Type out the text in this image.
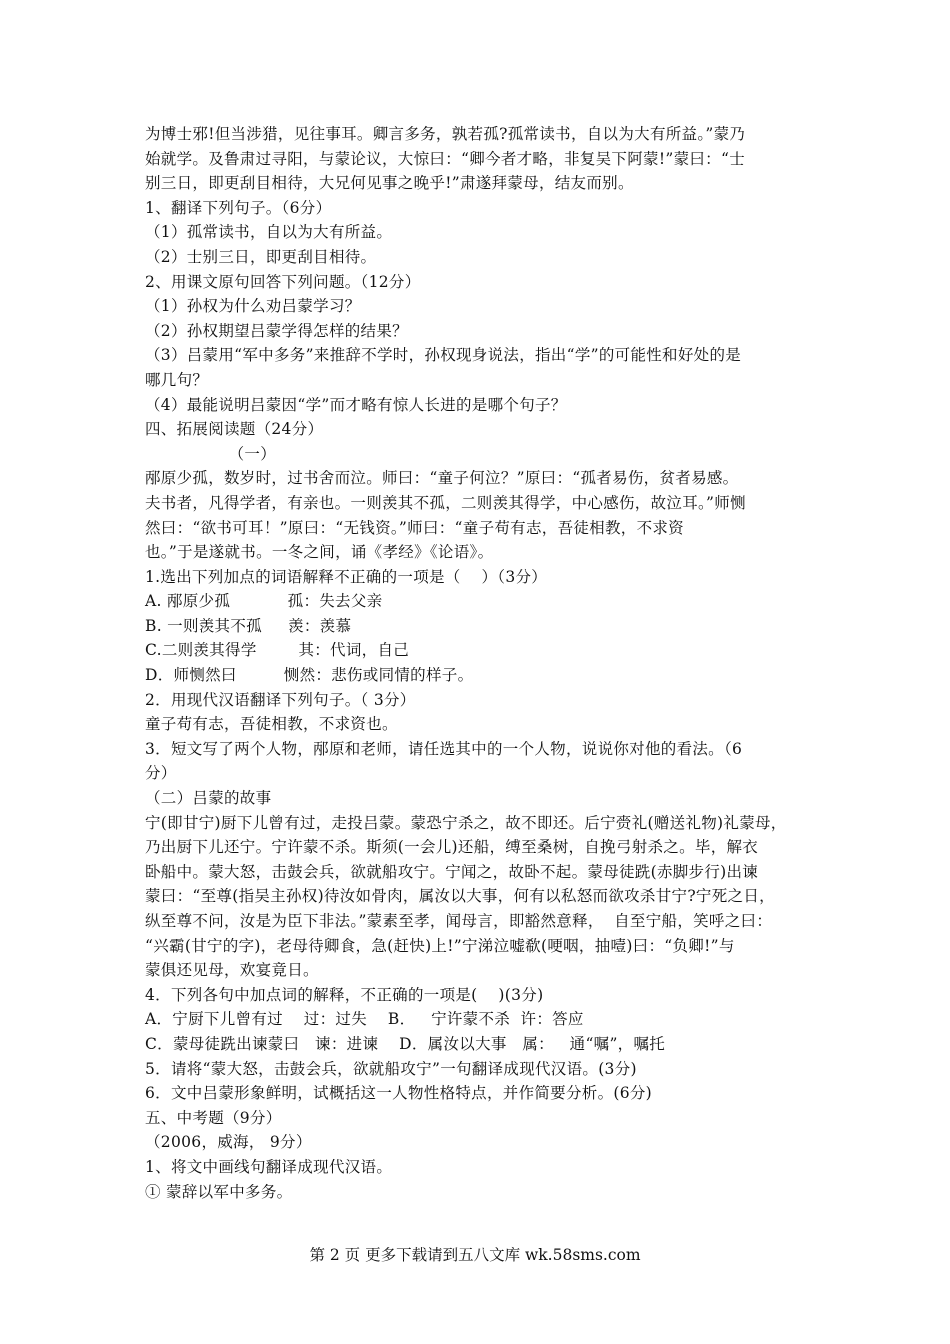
为博士邪!但当涉猎，见往事耳。卿言多务，孰若孤?孤常读书，自以为大有所益。”蒙乃
始就学。及鲁肃过寻阳，与蒙论议，大惊曰：“卿今者才略，非复吴下阿蒙!”蒙曰：“士
别三日，即更刮目相待，大兄何见事之晚乎!”肃遂拜蒙母，结友而别。
1、翻译下列句子。（6分）
（1）孤常读书，自以为大有所益。
（2）士别三日，即更刮目相待。
2、用课文原句回答下列问题。（12分）
（1）孙权为什么劝吕蒙学习？
（2）孙权期望吕蒙学得怎样的结果？
（3）吕蒙用“军中多务”来推辞不学时，孙权现身说法，指出“学”的可能性和好处的是
哪几句？
（4）最能说明吕蒙因“学”而才略有惊人长进的是哪个句子？
四、拓展阅读题（24分）
（一）
邴原少孤，数岁时，过书舍而泣。师曰：“童子何泣？”原曰：“孤者易伤，贫者易感。
夫书者，凡得学者，有亲也。一则羡其不孤，二则羡其得学，中心感伤，故泣耳。”师恻
然曰：“欲书可耳！”原曰：“无钱资。”师曰：“童子苟有志，吾徒相教，不求资
也。”于是遂就书。一冬之间，诵《孝经》《论语》。
1.选出下列加点的词语解释不正确的一项是（    ）（3分）
A. 邴原少孤           孤：失去父亲
B. 一则羡其不孤     羡：羡慕
C.二则羡其得学        其：代词，自己
D．师恻然曰         恻然：悲伤或同情的样子。
2．用现代汉语翻译下列句子。（ 3分）
童子苟有志，吾徒相教，不求资也。
3．短文写了两个人物，邴原和老师，请任选其中的一个人物，说说你对他的看法。（6
分）
（二）吕蒙的故事
宁(即甘宁)厨下儿曾有过，走投吕蒙。蒙恐宁杀之，故不即还。后宁赍礼(赠送礼物)礼蒙母，
乃出厨下儿还宁。宁许蒙不杀。斯须(一会儿)还船，缚至桑树，自挽弓射杀之。毕，解衣
卧船中。蒙大怒，击鼓会兵，欲就船攻宁。宁闻之，故卧不起。蒙母徒跣(赤脚步行)出谏
蒙曰：“至尊(指吴主孙权)待汝如骨肉，属汝以大事，何有以私怒而欲攻杀甘宁?宁死之日，
纵至尊不问，汝是为臣下非法。”蒙素至孝，闻母言，即豁然意释，  自至宁船，笑呼之曰：
“兴霸(甘宁的字)，老母待卿食，急(赶快)上!”宁涕泣嘘欷(哽咽，抽噎)曰：“负卿!”与
蒙俱还见母，欢宴竟日。
4．下列各句中加点词的解释，不正确的一项是(    )(3分)
A．宁厨下儿曾有过    过：过失    B．   宁许蒙不杀  许：答应
C．蒙母徒跣出谏蒙曰   谏：进谏    D．属汝以大事   属：   通“嘱”，嘱托
5．请将“蒙大怒，击鼓会兵，欲就船攻宁”一句翻译成现代汉语。(3分)
6．文中吕蒙形象鲜明，试概括这一人物性格特点，并作简要分析。(6分)
五、中考题（9分）
（2006，威海， 9分）
1、将文中画线句翻译成现代汉语。
① 蒙辞以军中多务。
第 2 页 更多下载请到五八文库 wk.58sms.com
